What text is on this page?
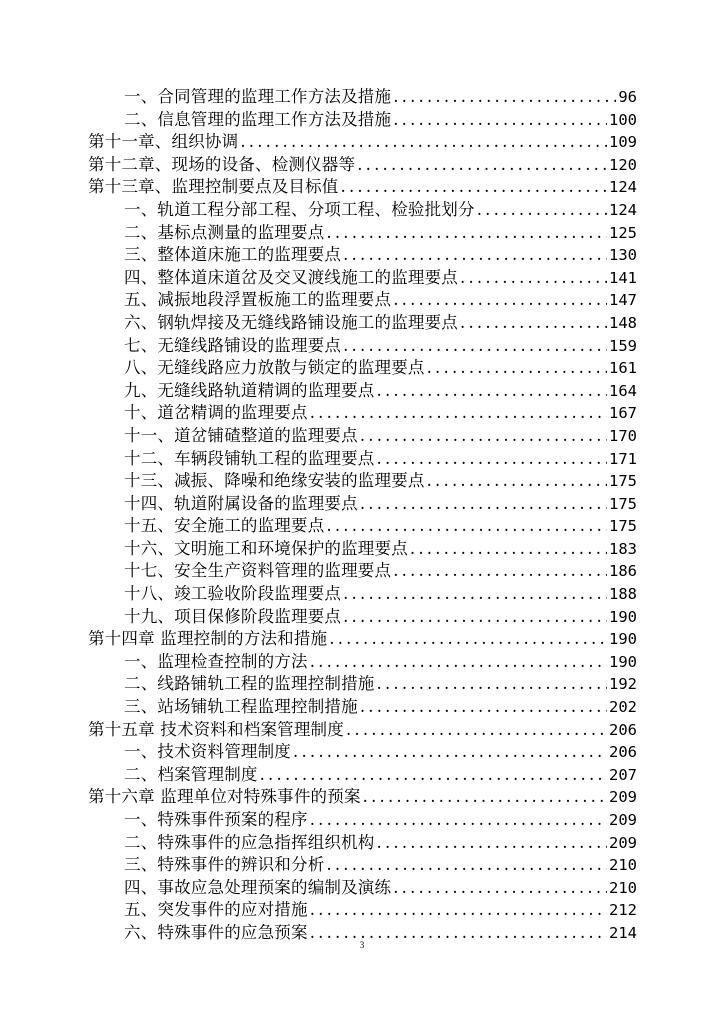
一、合同管理的监理工作方法及措施 .....	96
二、信息管理的监理工作方法及措施 .....	100
第十一章、组织协调 .....	109
第十二章、现场的设备、检测仪器等 .....	120
第十三章、监理控制要点及目标值 .....	124
一、轨道工程分部工程、分项工程、检验批划分 .....	124
二、基标点测量的监理要点 .....	125
三、整体道床施工的监理要点 .....	130
四、整体道床道岔及交叉渡线施工的监理要点 .....	141
五、减振地段浮置板施工的监理要点 .....	147
六、钢轨焊接及无缝线路铺设施工的监理要点 .....	148
七、无缝线路铺设的监理要点 .....	159
八、无缝线路应力放散与锁定的监理要点 .....	161
九、无缝线路轨道精调的监理要点 .....	164
十、道岔精调的监理要点 .....	167
十一、道岔铺碴整道的监理要点 .....	170
十二、车辆段铺轨工程的监理要点 .....	171
十三、减振、降噪和绝缘安装的监理要点 .....	175
十四、轨道附属设备的监理要点 .....	175
十五、安全施工的监理要点 .....	175
十六、文明施工和环境保护的监理要点 .....	183
十七、安全生产资料管理的监理要点 .....	186
十八、竣工验收阶段监理要点 .....	188
十九、项目保修阶段监理要点 .....	190
第十四章 监理控制的方法和措施 .....	190
一、监理检查控制的方法 .....	190
二、线路铺轨工程的监理控制措施 .....	192
三、站场铺轨工程监理控制措施 .....	202
第十五章 技术资料和档案管理制度 .....	206
一、技术资料管理制度 .....	206
二、档案管理制度 .....	207
第十六章 监理单位对特殊事件的预案 .....	209
一、特殊事件预案的程序 .....	209
二、特殊事件的应急指挥组织机构 .....	209
三、特殊事件的辨识和分析 .....	210
四、事故应急处理预案的编制及演练 .....	210
五、突发事件的应对措施 .....	212
六、特殊事件的应急预案 .....	214
3
